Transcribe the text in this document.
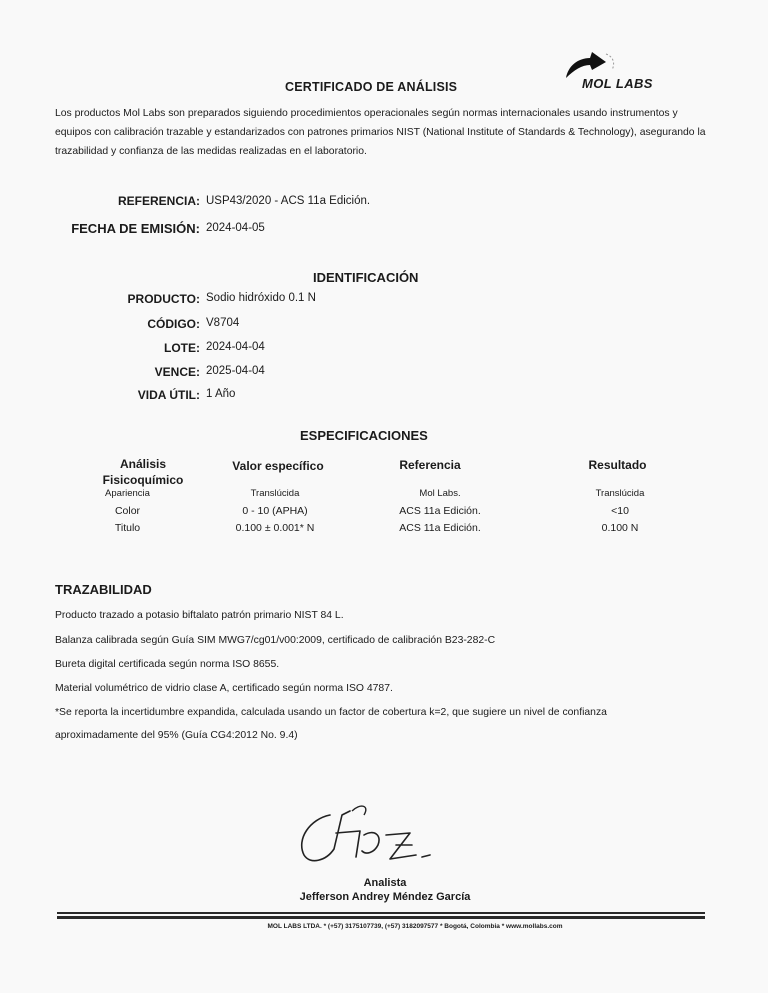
CERTIFICADO DE ANÁLISIS	MOL LABS
Los productos Mol Labs son preparados siguiendo procedimientos operacionales según normas internacionales usando instrumentos y equipos con calibración trazable y estandarizados con patrones primarios NIST (National Institute of Standards & Technology), asegurando la trazabilidad y confianza de las medidas realizadas en el laboratorio.
REFERENCIA: USP43/2020 - ACS 11a Edición.
FECHA DE EMISIÓN: 2024-04-05
IDENTIFICACIÓN
PRODUCTO: Sodio hidróxido 0.1 N
CÓDIGO: V8704
LOTE: 2024-04-04
VENCE: 2025-04-04
VIDA ÚTIL: 1 Año
ESPECIFICACIONES
Análisis Fisicoquímico
Valor específico	Referencia	Resultado
Apariencia	Translúcida	Mol Labs.	Translúcida
Color	0 - 10 (APHA)	ACS 11a Edición.	<10
Titulo	0.100 ± 0.001* N	ACS 11a Edición.	0.100 N
TRAZABILIDAD
Producto trazado a potasio biftalato patrón primario NIST 84 L.
Balanza calibrada según Guía SIM MWG7/cg01/v00:2009, certificado de calibración B23-282-C
Bureta digital certificada según norma ISO 8655.
Material volumétrico de vidrio clase A, certificado según norma ISO 4787.
*Se reporta la incertidumbre expandida, calculada usando un factor de cobertura k=2, que sugiere un nivel de confianza
aproximadamente del 95% (Guía CG4:2012 No. 9.4)
Analista
Jefferson Andrey Méndez García
MOL LABS LTDA. * (+57) 3175107739, (+57) 3182097577 * Bogotá, Colombia * www.mollabs.com
